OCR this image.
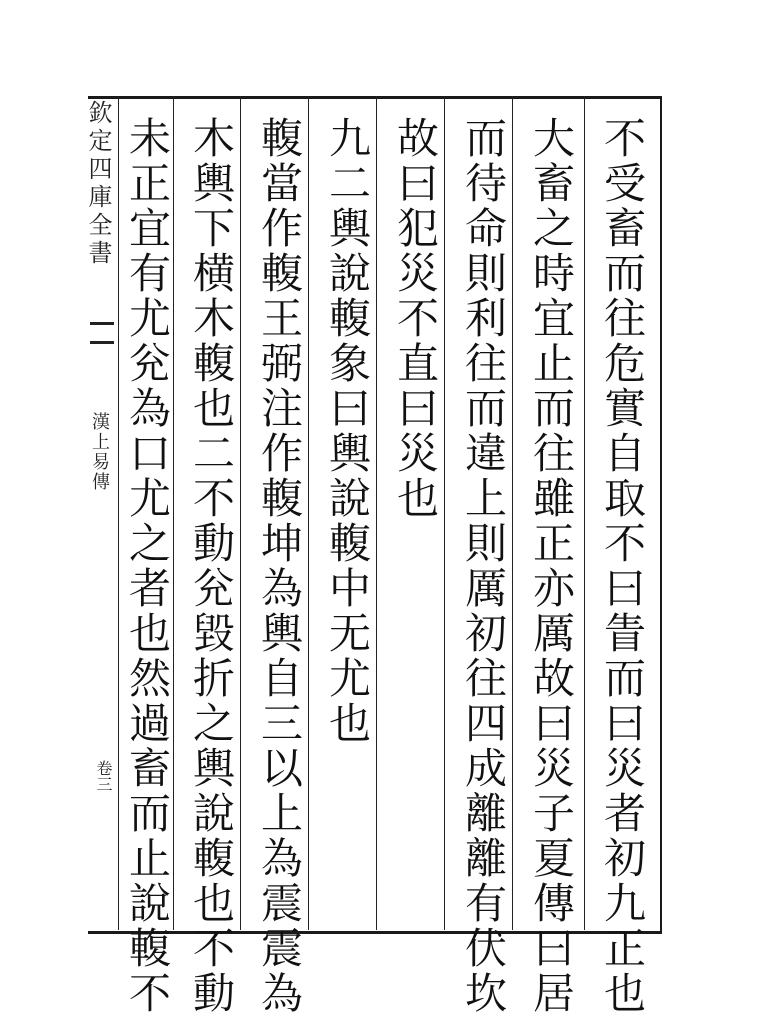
欽定四庫全書
漢上易傳
卷三	不受畜而往危實自取不曰眚而曰災者初九正也
大畜之時宜止而往雖正亦厲故曰災子夏傳曰居
而待命則利往而違上則厲初往四成離離有伏坎
故曰犯災不直曰災也
九二輿說輹象曰輿說輹中无尤也
輹當作輹王弼注作輹坤為輿自三以上為震震為
木輿下横木輹也二不動兊毀折之輿說輹也不動
未正宜有尤兊為口尤之者也然過畜而止說輹不
